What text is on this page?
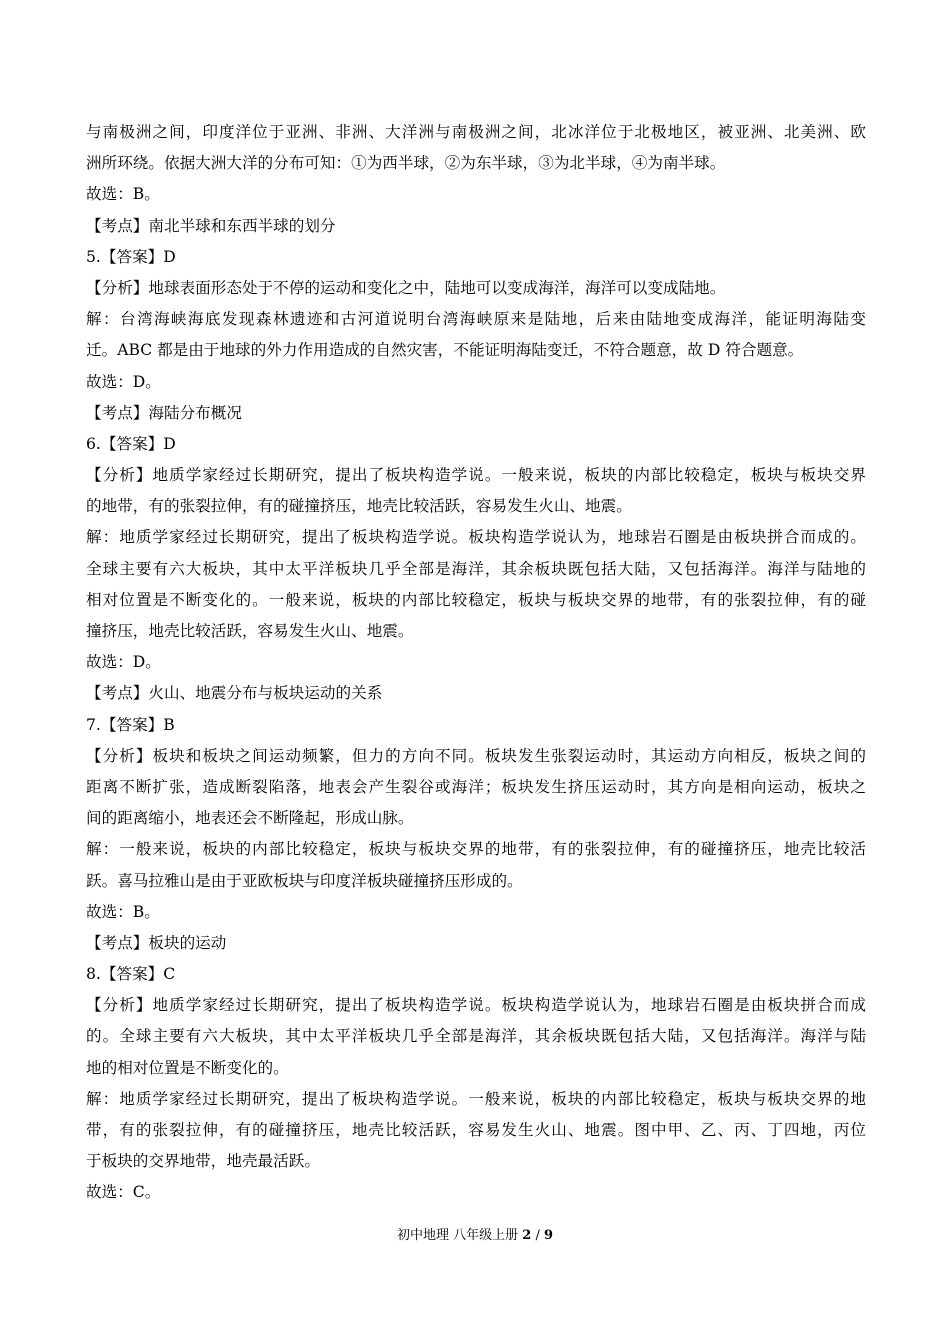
与南极洲之间，印度洋位于亚洲、非洲、大洋洲与南极洲之间，北冰洋位于北极地区，被亚洲、北美洲、欧
洲所环绕。依据大洲大洋的分布可知：①为西半球，②为东半球，③为北半球，④为南半球。
故选：B。
【考点】南北半球和东西半球的划分
5.【答案】D
【分析】地球表面形态处于不停的运动和变化之中，陆地可以变成海洋，海洋可以变成陆地。
解：台湾海峡海底发现森林遗迹和古河道说明台湾海峡原来是陆地，后来由陆地变成海洋，能证明海陆变
迁。ABC 都是由于地球的外力作用造成的自然灾害，不能证明海陆变迁，不符合题意，故 D 符合题意。
故选：D。
【考点】海陆分布概况
6.【答案】D
【分析】地质学家经过长期研究，提出了板块构造学说。一般来说，板块的内部比较稳定，板块与板块交界
的地带，有的张裂拉伸，有的碰撞挤压，地壳比较活跃，容易发生火山、地震。
解：地质学家经过长期研究，提出了板块构造学说。板块构造学说认为，地球岩石圈是由板块拼合而成的。
全球主要有六大板块，其中太平洋板块几乎全部是海洋，其余板块既包括大陆，又包括海洋。海洋与陆地的
相对位置是不断变化的。一般来说，板块的内部比较稳定，板块与板块交界的地带，有的张裂拉伸，有的碰
撞挤压，地壳比较活跃，容易发生火山、地震。
故选：D。
【考点】火山、地震分布与板块运动的关系
7.【答案】B
【分析】板块和板块之间运动频繁，但力的方向不同。板块发生张裂运动时，其运动方向相反，板块之间的
距离不断扩张，造成断裂陷落，地表会产生裂谷或海洋；板块发生挤压运动时，其方向是相向运动，板块之
间的距离缩小，地表还会不断隆起，形成山脉。
解：一般来说，板块的内部比较稳定，板块与板块交界的地带，有的张裂拉伸，有的碰撞挤压，地壳比较活
跃。喜马拉雅山是由于亚欧板块与印度洋板块碰撞挤压形成的。
故选：B。
【考点】板块的运动
8.【答案】C
【分析】地质学家经过长期研究，提出了板块构造学说。板块构造学说认为，地球岩石圈是由板块拼合而成
的。全球主要有六大板块，其中太平洋板块几乎全部是海洋，其余板块既包括大陆，又包括海洋。海洋与陆
地的相对位置是不断变化的。
解：地质学家经过长期研究，提出了板块构造学说。一般来说，板块的内部比较稳定，板块与板块交界的地
带，有的张裂拉伸，有的碰撞挤压，地壳比较活跃，容易发生火山、地震。图中甲、乙、丙、丁四地，丙位
于板块的交界地带，地壳最活跃。
故选：C。
初中地理 八年级上册 2 / 9
